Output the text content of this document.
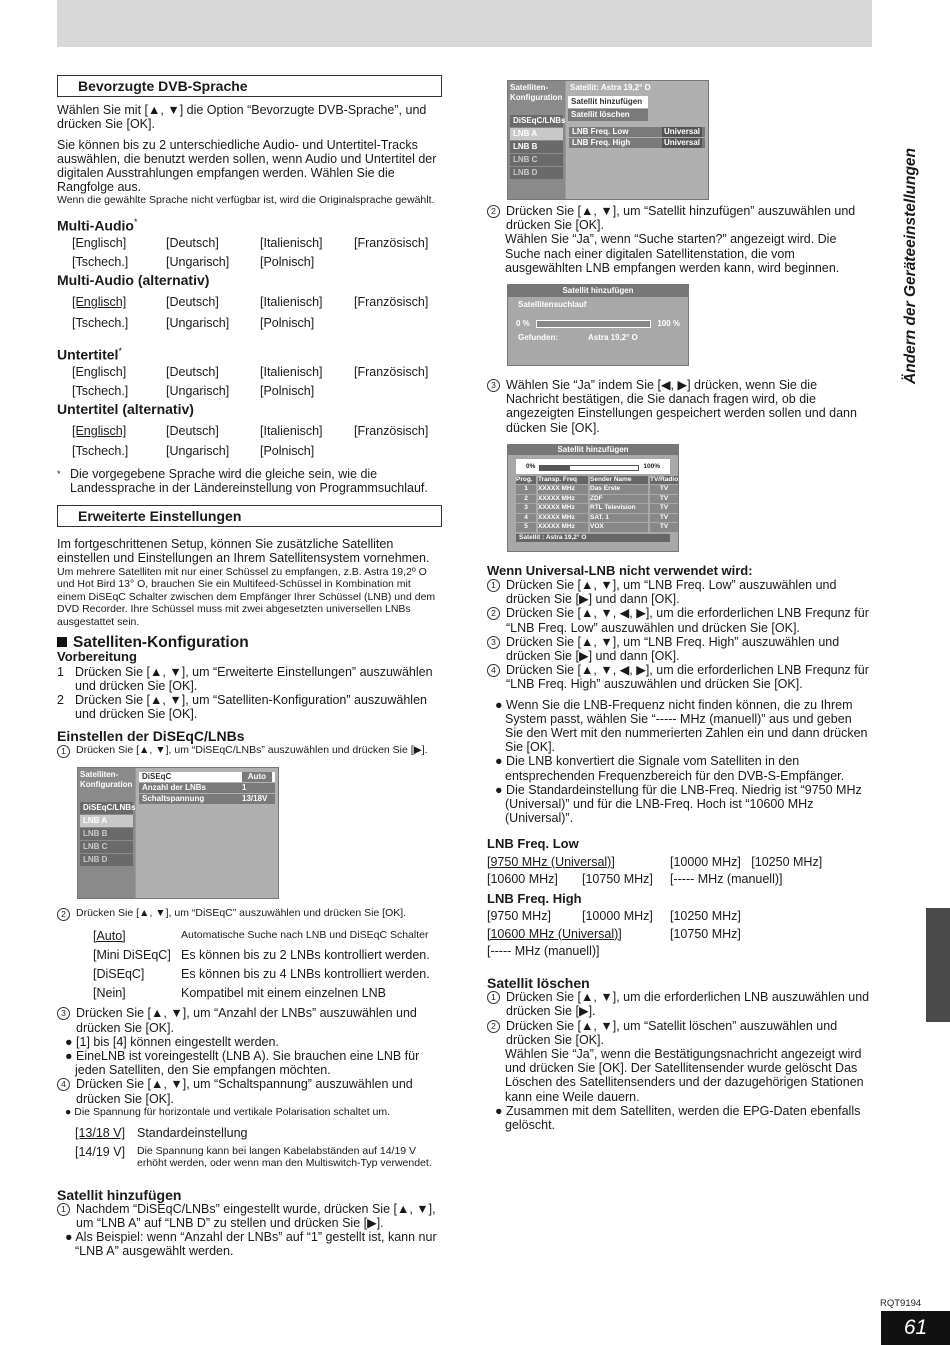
Bevorzugte DVB-Sprache

Wählen Sie mit [▲, ▼] die Option “Bevorzugte DVB-Sprache”, und drücken Sie [OK].

Sie können bis zu 2 unterschiedliche Audio- und Untertitel-Tracks auswählen, die benutzt werden sollen, wenn Audio und Untertitel der digitalen Ausstrahlungen empfangen werden. Wählen Sie die Rangfolge aus.

Wenn die gewählte Sprache nicht verfügbar ist, wird die Originalsprache gewählt.

Multi-Audio*
[Englisch]	[Deutsch]	[Italienisch]	[Französisch]
[Tschech.]	[Ungarisch]	[Polnisch]
Multi-Audio (alternativ)
[Englisch]	[Deutsch]	[Italienisch]	[Französisch]
[Tschech.]	[Ungarisch]	[Polnisch]
Untertitel*
[Englisch]	[Deutsch]	[Italienisch]	[Französisch]
[Tschech.]	[Ungarisch]	[Polnisch]
Untertitel (alternativ)
[Englisch]	[Deutsch]	[Italienisch]	[Französisch]
[Tschech.]	[Ungarisch]	[Polnisch]
* Die vorgegebene Sprache wird die gleiche sein, wie die Landessprache in der Ländereinstellung von Programmsuchlauf.
Erweiterte Einstellungen

Im fortgeschrittenen Setup, können Sie zusätzliche Satelliten einstellen und Einstellungen an Ihrem Satellitensystem vornehmen.

Um mehrere Satelliten mit nur einer Schüssel zu empfangen, z.B. Astra 19,2º O und Hot Bird 13° O, brauchen Sie ein Multifeed-Schüssel in Kombination mit einem DiSEqC Schalter zwischen dem Empfänger Ihrer Schüssel (LNB) und dem DVD Recorder. Ihre Schüssel muss mit zwei abgesetzten universellen LNBs ausgestattet sein.

Satelliten-Konfiguration
Vorbereitung
1 Drücken Sie [▲, ▼], um “Erweiterte Einstellungen” auszuwählen und drücken Sie [OK].
2 Drücken Sie [▲, ▼], um “Satelliten-Konfiguration” auszuwählen und drücken Sie [OK].
Einstellen der DiSEqC/LNBs
1 Drücken Sie [▲, ▼], um “DiSEqC/LNBs” auszuwählen und drücken Sie [▶].
Satelliten-Konfiguration
DiSEqC/LNBs
LNB A
LNB B
LNB C
LNB D
DiSEqC	Auto
Anzahl der LNBs	1
Schaltspannung	13/18V
2 Drücken Sie [▲, ▼], um “DiSEqC” auszuwählen und drücken Sie [OK].
[Auto]	Automatische Suche nach LNB und DiSEqC Schalter
[Mini DiSEqC] Es können bis zu 2 LNBs kontrolliert werden.
[DiSEqC]	Es können bis zu 4 LNBs kontrolliert werden.
[Nein]	Kompatibel mit einem einzelnen LNB
3 Drücken Sie [▲, ▼], um “Anzahl der LNBs” auszuwählen und drücken Sie [OK].
● [1] bis [4] können eingestellt werden.
● EineLNB ist voreingestellt (LNB A). Sie brauchen eine LNB für jeden Satelliten, den Sie empfangen möchten.
4 Drücken Sie [▲, ▼], um “Schaltspannung” auszuwählen und drücken Sie [OK].
● Die Spannung für horizontale und vertikale Polarisation schaltet um.
[13/18 V] Standardeinstellung
[14/19 V]	Die Spannung kann bei langen Kabelabständen auf 14/19 V erhöht werden, oder wenn man den Multiswitch-Typ verwendet.
Satellit hinzufügen
1 Nachdem “DiSEqC/LNBs” eingestellt wurde, drücken Sie [▲, ▼], um “LNB A” auf “LNB D” zu stellen und drücken Sie [▶].
● Als Beispiel: wenn “Anzahl der LNBs” auf “1” gestellt ist, kann nur “LNB A” ausgewählt werden.
Satelliten-Konfiguration
DiSEqC/LNBs
LNB A
LNB B
LNB C
LNB D
Satellit: Astra 19,2° O
Satellit hinzufügen
Satellit löschen
LNB Freq. Low	Universal
LNB Freq. High	Universal
2 Drücken Sie [▲, ▼], um “Satellit hinzufügen” auszuwählen und drücken Sie [OK].

Wählen Sie “Ja”, wenn “Suche starten?” angezeigt wird. Die Suche nach einer digitalen Satellitenstation, die vom ausgewählten LNB empfangen werden kann, wird beginnen.

Satellit hinzufügen
Satellitensuchlauf
0 %	100 %
Gefunden:	Astra 19,2° O
3 Wählen Sie “Ja” indem Sie [◀, ▶] drücken, wenn Sie die Nachricht bestätigen, die Sie danach fragen wird, ob die angezeigten Einstellungen gespeichert werden sollen und dann dücken Sie [OK].
Satellit hinzufügen
0%	100%
Prog. Transp. Freq	Sender Name	TV/Radio
1	XXXXX MHz	Das Erste	TV
2	XXXXX MHz	ZDF	TV
3	XXXXX MHz	RTL Television	TV
4	XXXXX MHz	SAT. 1	TV
5	XXXXX MHz	VOX	TV
Satellit : Astra 19,2° O
Wenn Universal-LNB nicht verwendet wird:
1 Drücken Sie [▲, ▼], um “LNB Freq. Low” auszuwählen und drücken Sie [▶] und dann [OK].
2 Drücken Sie [▲, ▼, ◀, ▶], um die erforderlichen LNB Frequnz für “LNB Freq. Low” auszuwählen und drücken Sie [OK].
3 Drücken Sie [▲, ▼], um “LNB Freq. High” auszuwählen und drücken Sie [▶] und dann [OK].
4 Drücken Sie [▲, ▼, ◀, ▶], um die erforderlichen LNB Frequnz für “LNB Freq. High” auszuwählen und drücken Sie [OK].
● Wenn Sie die LNB-Frequenz nicht finden können, die zu Ihrem System passt, wählen Sie “----- MHz (manuell)” aus und geben Sie den Wert mit den nummerierten Zahlen ein und dann drücken Sie [OK].
● Die LNB konvertiert die Signale vom Satelliten in den entsprechenden Frequenzbereich für den DVB-S-Empfänger.
● Die Standardeinstellung für die LNB-Freq. Niedrig ist “9750 MHz (Universal)” und für die LNB-Freq. Hoch ist “10600 MHz (Universal)”.
LNB Freq. Low
[9750 MHz (Universal)]	[10000 MHz] [10250 MHz]
[10600 MHz]	[10750 MHz]	[----- MHz (manuell)]
LNB Freq. High
[9750 MHz]	[10000 MHz]	[10250 MHz]
[10600 MHz (Universal)]	[10750 MHz]
[----- MHz (manuell)]
Satellit löschen
1 Drücken Sie [▲, ▼], um die erforderlichen LNB auszuwählen und drücken Sie [▶].
2 Drücken Sie [▲, ▼], um “Satellit löschen” auszuwählen und drücken Sie [OK].

Wählen Sie “Ja”, wenn die Bestätigungsnachricht angezeigt wird und drücken Sie [OK]. Der Satellitensender wurde gelöscht Das Löschen des Satellitensenders und der dazugehörigen Stationen kann eine Weile dauern.

● Zusammen mit dem Satelliten, werden die EPG-Daten ebenfalls gelöscht.
Ändern der Geräteeinstellungen
RQT9194
61
